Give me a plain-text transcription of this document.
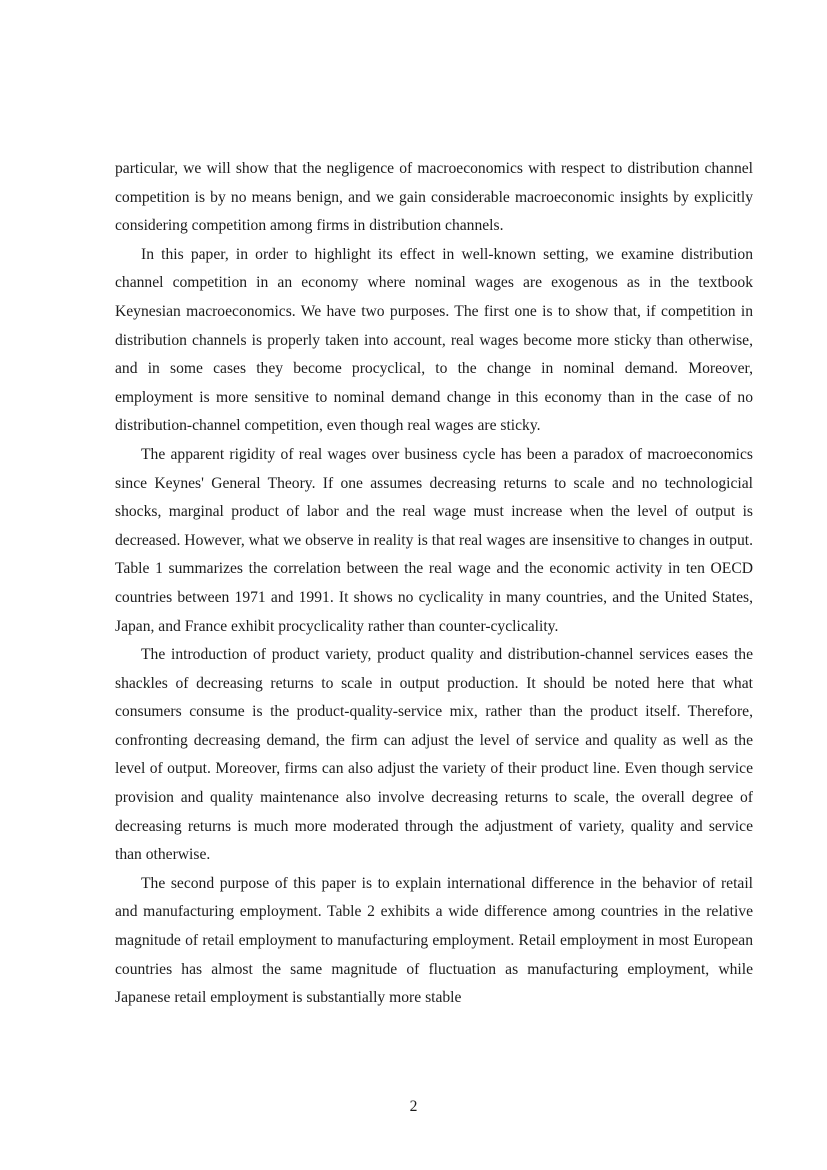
particular, we will show that the negligence of macroeconomics with respect to distribution channel competition is by no means benign, and we gain considerable macroeconomic insights by explicitly considering competition among firms in distribution channels.

In this paper, in order to highlight its effect in well-known setting, we examine distribution channel competition in an economy where nominal wages are exogenous as in the textbook Keynesian macroeconomics. We have two purposes. The first one is to show that, if competition in distribution channels is properly taken into account, real wages become more sticky than otherwise, and in some cases they become procyclical, to the change in nominal demand. Moreover, employment is more sensitive to nominal demand change in this economy than in the case of no distribution-channel competition, even though real wages are sticky.

The apparent rigidity of real wages over business cycle has been a paradox of macroeconomics since Keynes' General Theory. If one assumes decreasing returns to scale and no technologicial shocks, marginal product of labor and the real wage must increase when the level of output is decreased. However, what we observe in reality is that real wages are insensitive to changes in output. Table 1 summarizes the correlation between the real wage and the economic activity in ten OECD countries between 1971 and 1991. It shows no cyclicality in many countries, and the United States, Japan, and France exhibit procyclicality rather than counter-cyclicality.

The introduction of product variety, product quality and distribution-channel services eases the shackles of decreasing returns to scale in output production. It should be noted here that what consumers consume is the product-quality-service mix, rather than the product itself. Therefore, confronting decreasing demand, the firm can adjust the level of service and quality as well as the level of output. Moreover, firms can also adjust the variety of their product line. Even though service provision and quality maintenance also involve decreasing returns to scale, the overall degree of decreasing returns is much more moderated through the adjustment of variety, quality and service than otherwise.

The second purpose of this paper is to explain international difference in the behavior of retail and manufacturing employment. Table 2 exhibits a wide difference among countries in the relative magnitude of retail employment to manufacturing employment. Retail employment in most European countries has almost the same magnitude of fluctuation as manufacturing employment, while Japanese retail employment is substantially more stable

2
